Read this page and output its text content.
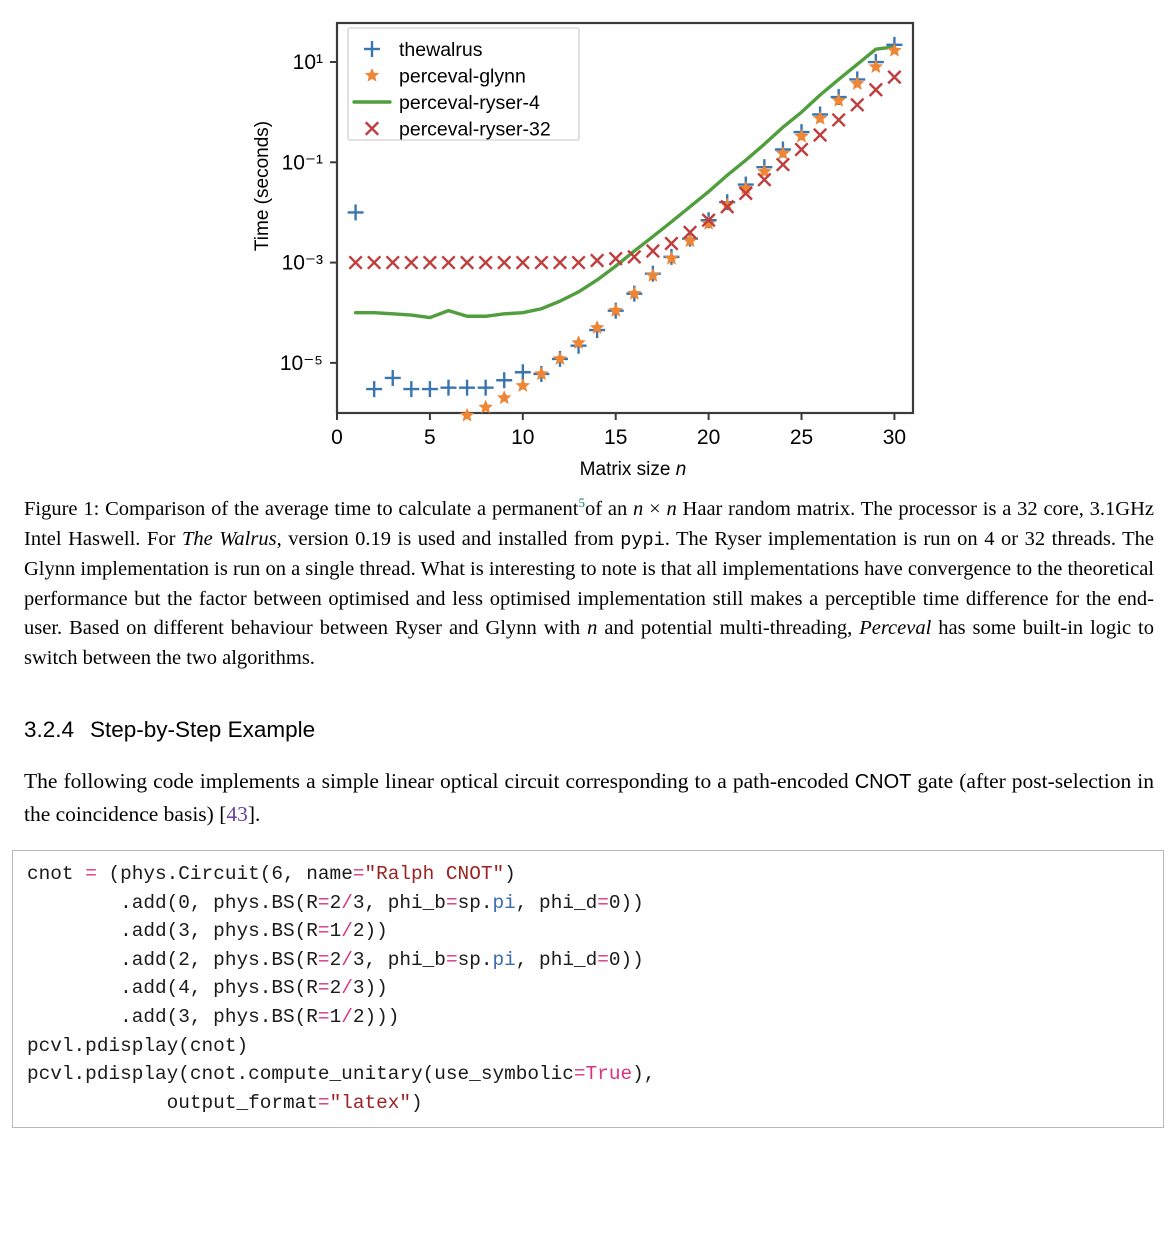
0	5	10	15	20	25	30
10¹
10⁻¹
10⁻³
10⁻⁵
Matrix size n
Time (seconds)
thewalrus
perceval-glynn
perceval-ryser-4
perceval-ryser-32

Figure 1: Comparison of the average time to calculate a permanent$^5$of an n × n Haar random matrix. The processor is a 32 core, 3.1GHz Intel Haswell. For The Walrus, version 0.19 is used and installed from pypi. The Ryser implementation is run on 4 or 32 threads. The Glynn implementation is run on a single thread. What is interesting to note is that all implementations have convergence to the theoretical performance but the factor between optimised and less optimised implementation still makes a perceptible time difference for the end-user. Based on different behaviour between Ryser and Glynn with n and potential multi-threading, Perceval has some built-in logic to switch between the two algorithms.

3.2.4 Step-by-Step Example

The following code implements a simple linear optical circuit corresponding to a path-encoded CNOT gate (after post-selection in the coincidence basis) [43].

cnot = (phys.Circuit(6, name="Ralph CNOT")
.add(0, phys.BS(R=2/3, phi_b=sp.pi, phi_d=0))
.add(3, phys.BS(R=1/2))
.add(2, phys.BS(R=2/3, phi_b=sp.pi, phi_d=0))
.add(4, phys.BS(R=2/3))
.add(3, phys.BS(R=1/2)))
pcvl.pdisplay(cnot)
pcvl.pdisplay(cnot.compute_unitary(use_symbolic=True),
output_format="latex")
